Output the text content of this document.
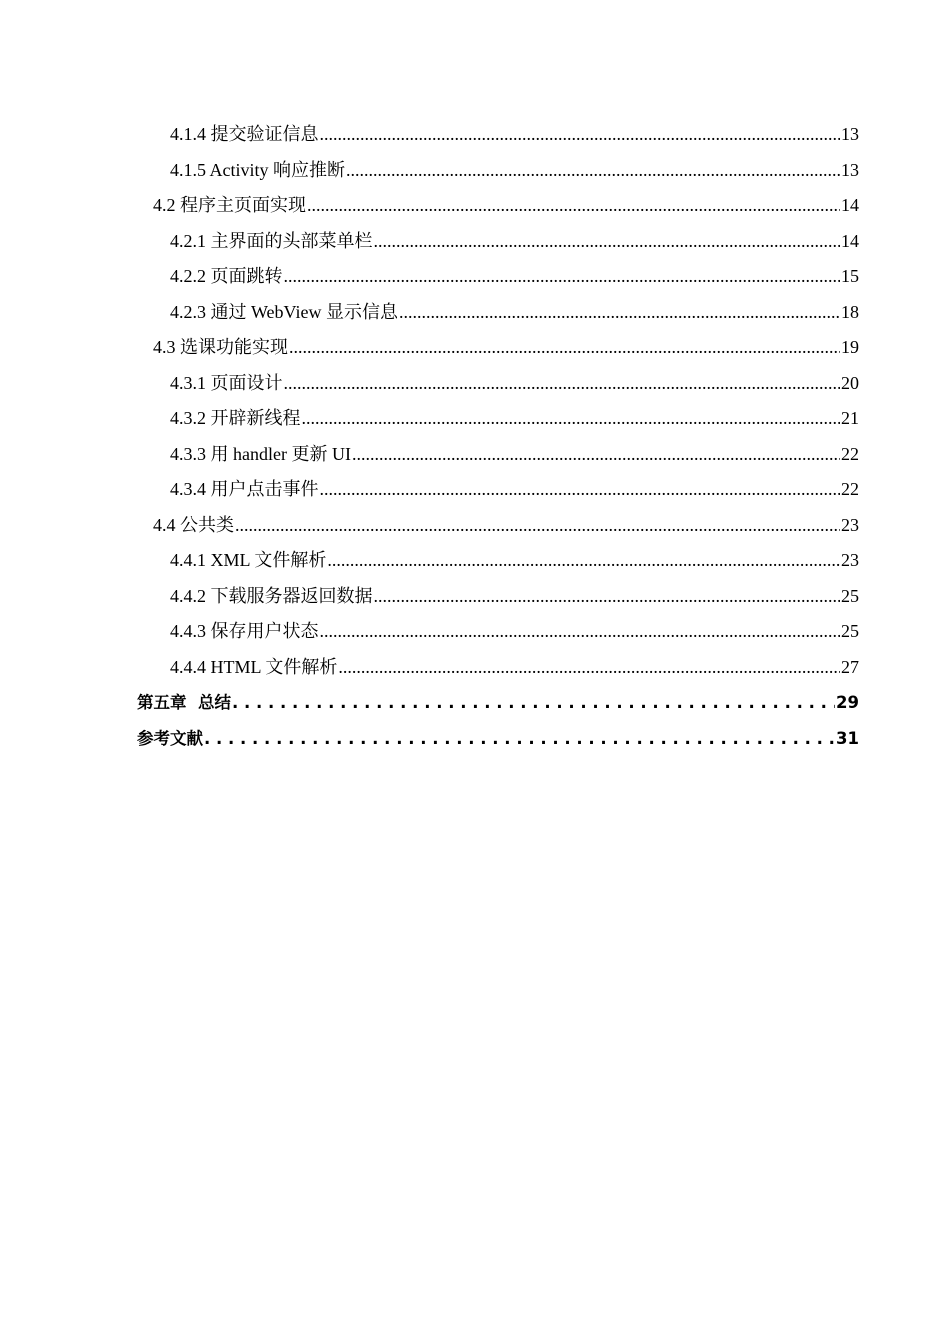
4.1.4 提交验证信息 .....	13
4.1.5 Activity 响应推断 .....	13
4.2 程序主页面实现 .....	14
4.2.1 主界面的头部菜单栏 .....	14
4.2.2 页面跳转 .....	15
4.2.3 通过 WebView 显示信息 .....	18
4.3 选课功能实现 .....	19
4.3.1 页面设计 .....	20
4.3.2 开辟新线程 .....	21
4.3.3 用 handler 更新 UI .....	22
4.3.4 用户点击事件 .....	22
4.4 公共类 .....	23
4.4.1 XML 文件解析 .....	23
4.4.2 下载服务器返回数据 .....	25
4.4.3 保存用户状态 .....	25
4.4.4 HTML 文件解析 .....	27
第五章  总结 . . .	29
参考文献 . . .	31
